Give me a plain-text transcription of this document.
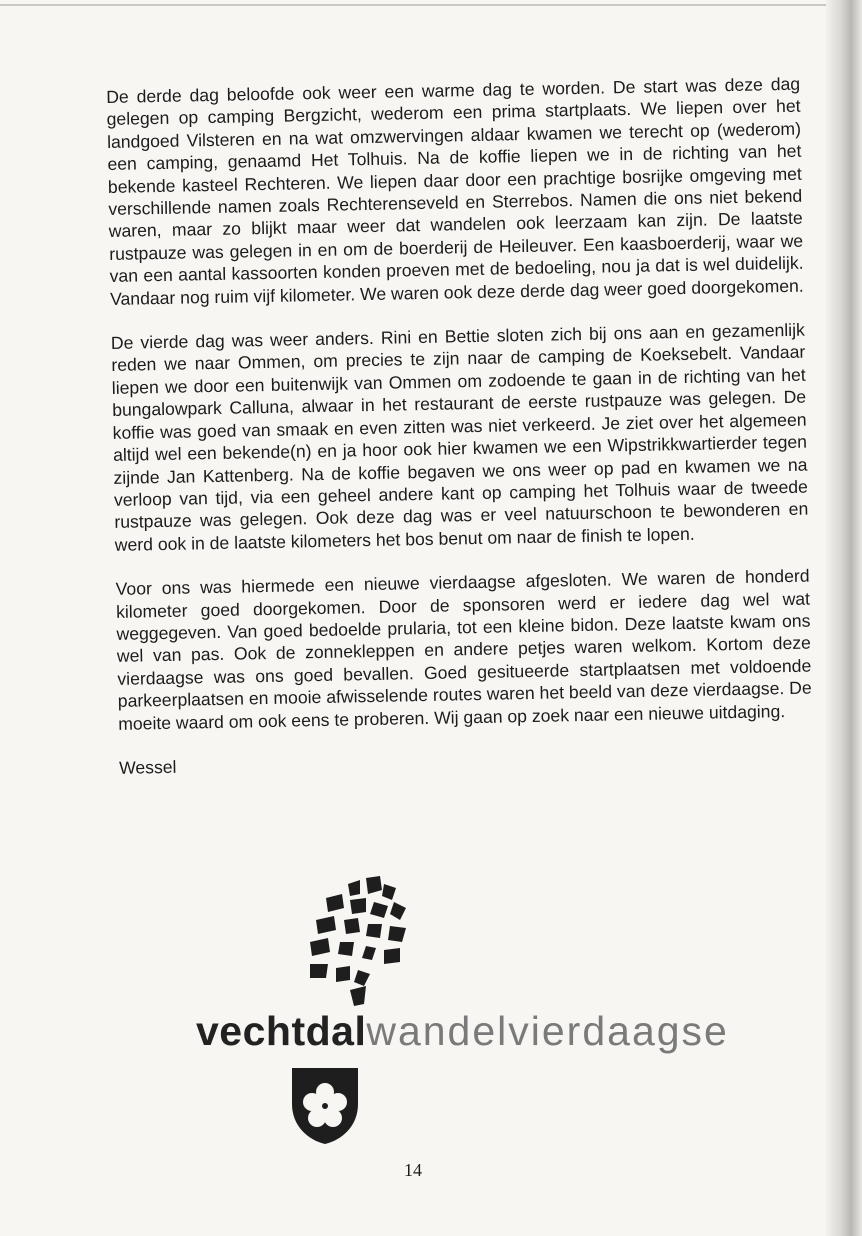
De derde dag beloofde ook weer een warme dag te worden. De start was deze dag gelegen op camping Bergzicht, wederom een prima startplaats. We liepen over het landgoed Vilsteren en na wat omzwervingen aldaar kwamen we terecht op (wederom) een camping, genaamd Het Tolhuis. Na de koffie liepen we in de richting van het bekende kasteel Rechteren. We liepen daar door een prachtige bosrijke omgeving met verschillende namen zoals Rechterenseveld en Sterrebos. Namen die ons niet bekend waren, maar zo blijkt maar weer dat wandelen ook leerzaam kan zijn. De laatste rustpauze was gelegen in en om de boerderij de Heileuver. Een kaasboerderij, waar we van een aantal kassoorten konden proeven met de bedoeling, nou ja dat is wel duidelijk. Vandaar nog ruim vijf kilometer. We waren ook deze derde dag weer goed doorgekomen.

De vierde dag was weer anders. Rini en Bettie sloten zich bij ons aan en gezamenlijk reden we naar Ommen, om precies te zijn naar de camping de Koeksebelt. Vandaar liepen we door een buitenwijk van Ommen om zodoende te gaan in de richting van het bungalowpark Calluna, alwaar in het restaurant de eerste rustpauze was gelegen. De koffie was goed van smaak en even zitten was niet verkeerd. Je ziet over het algemeen altijd wel een bekende(n) en ja hoor ook hier kwamen we een Wipstrikkwartierder tegen zijnde Jan Kattenberg. Na de koffie begaven we ons weer op pad en kwamen we na verloop van tijd, via een geheel andere kant op camping het Tolhuis waar de tweede rustpauze was gelegen. Ook deze dag was er veel natuurschoon te bewonderen en werd ook in de laatste kilometers het bos benut om naar de finish te lopen.

Voor ons was hiermede een nieuwe vierdaagse afgesloten. We waren de honderd kilometer goed doorgekomen. Door de sponsoren werd er iedere dag wel wat weggegeven. Van goed bedoelde prularia, tot een kleine bidon. Deze laatste kwam ons wel van pas. Ook de zonnekleppen en andere petjes waren welkom. Kortom deze vierdaagse was ons goed bevallen. Goed gesitueerde startplaatsen met voldoende parkeerplaatsen en mooie afwisselende routes waren het beeld van deze vierdaagse. De moeite waard om ook eens te proberen. Wij gaan op zoek naar een nieuwe uitdaging.

Wessel

vechtdalwandelvierdaagse
14
